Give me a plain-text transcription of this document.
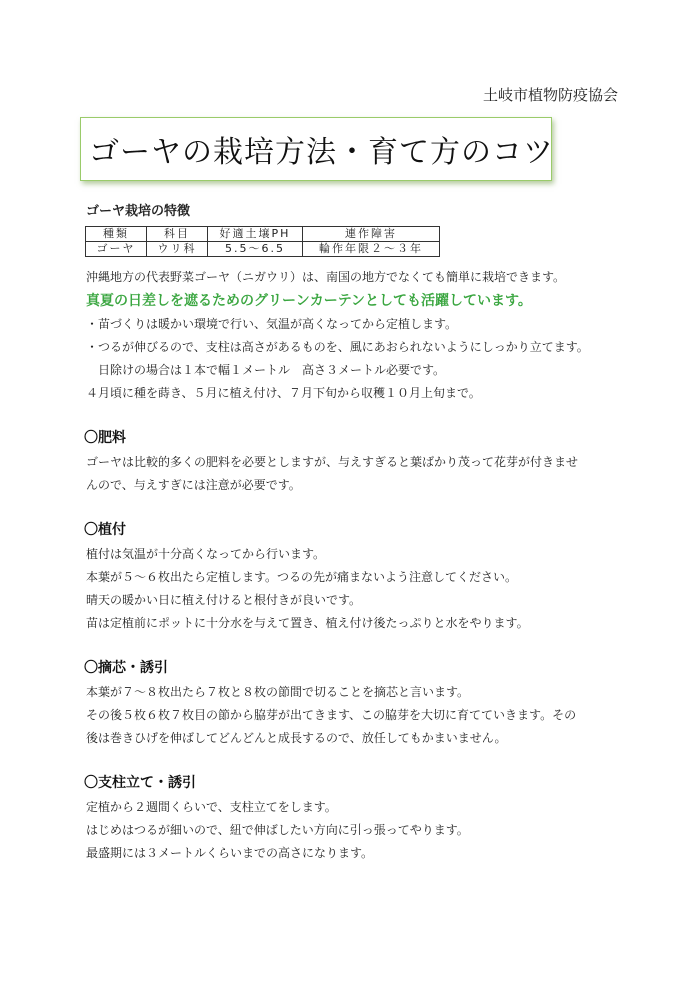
土岐市植物防疫協会
ゴーヤの栽培方法・育て方のコツ
ゴーヤ栽培の特徴
種類	科目	好適土壌PH	連作障害
ゴーヤ	ウリ科	5.5〜6.5	輪作年限２〜３年

沖縄地方の代表野菜ゴーヤ（ニガウリ）は、南国の地方でなくても簡単に栽培できます。

真夏の日差しを遮るためのグリーンカーテンとしても活躍しています。

・苗づくりは暖かい環境で行い、気温が高くなってから定植します。

・つるが伸びるので、支柱は高さがあるものを、風にあおられないようにしっかり立てます。

日除けの場合は１本で幅１メートル　高さ３メートル必要です。

４月頃に種を蒔き、５月に植え付け、７月下旬から収穫１０月上旬まで。

〇肥料

ゴーヤは比較的多くの肥料を必要としますが、与えすぎると葉ばかり茂って花芽が付きませ

んので、与えすぎには注意が必要です。

〇植付

植付は気温が十分高くなってから行います。

本葉が５〜６枚出たら定植します。つるの先が痛まないよう注意してください。

晴天の暖かい日に植え付けると根付きが良いです。

苗は定植前にポットに十分水を与えて置き、植え付け後たっぷりと水をやります。

〇摘芯・誘引

本葉が７〜８枚出たら７枚と８枚の節間で切ることを摘芯と言います。

その後５枚６枚７枚目の節から脇芽が出てきます、この脇芽を大切に育てていきます。その

後は巻きひげを伸ばしてどんどんと成長するので、放任してもかまいません。

〇支柱立て・誘引

定植から２週間くらいで、支柱立てをします。

はじめはつるが細いので、紐で伸ばしたい方向に引っ張ってやります。

最盛期には３メートルくらいまでの高さになります。
